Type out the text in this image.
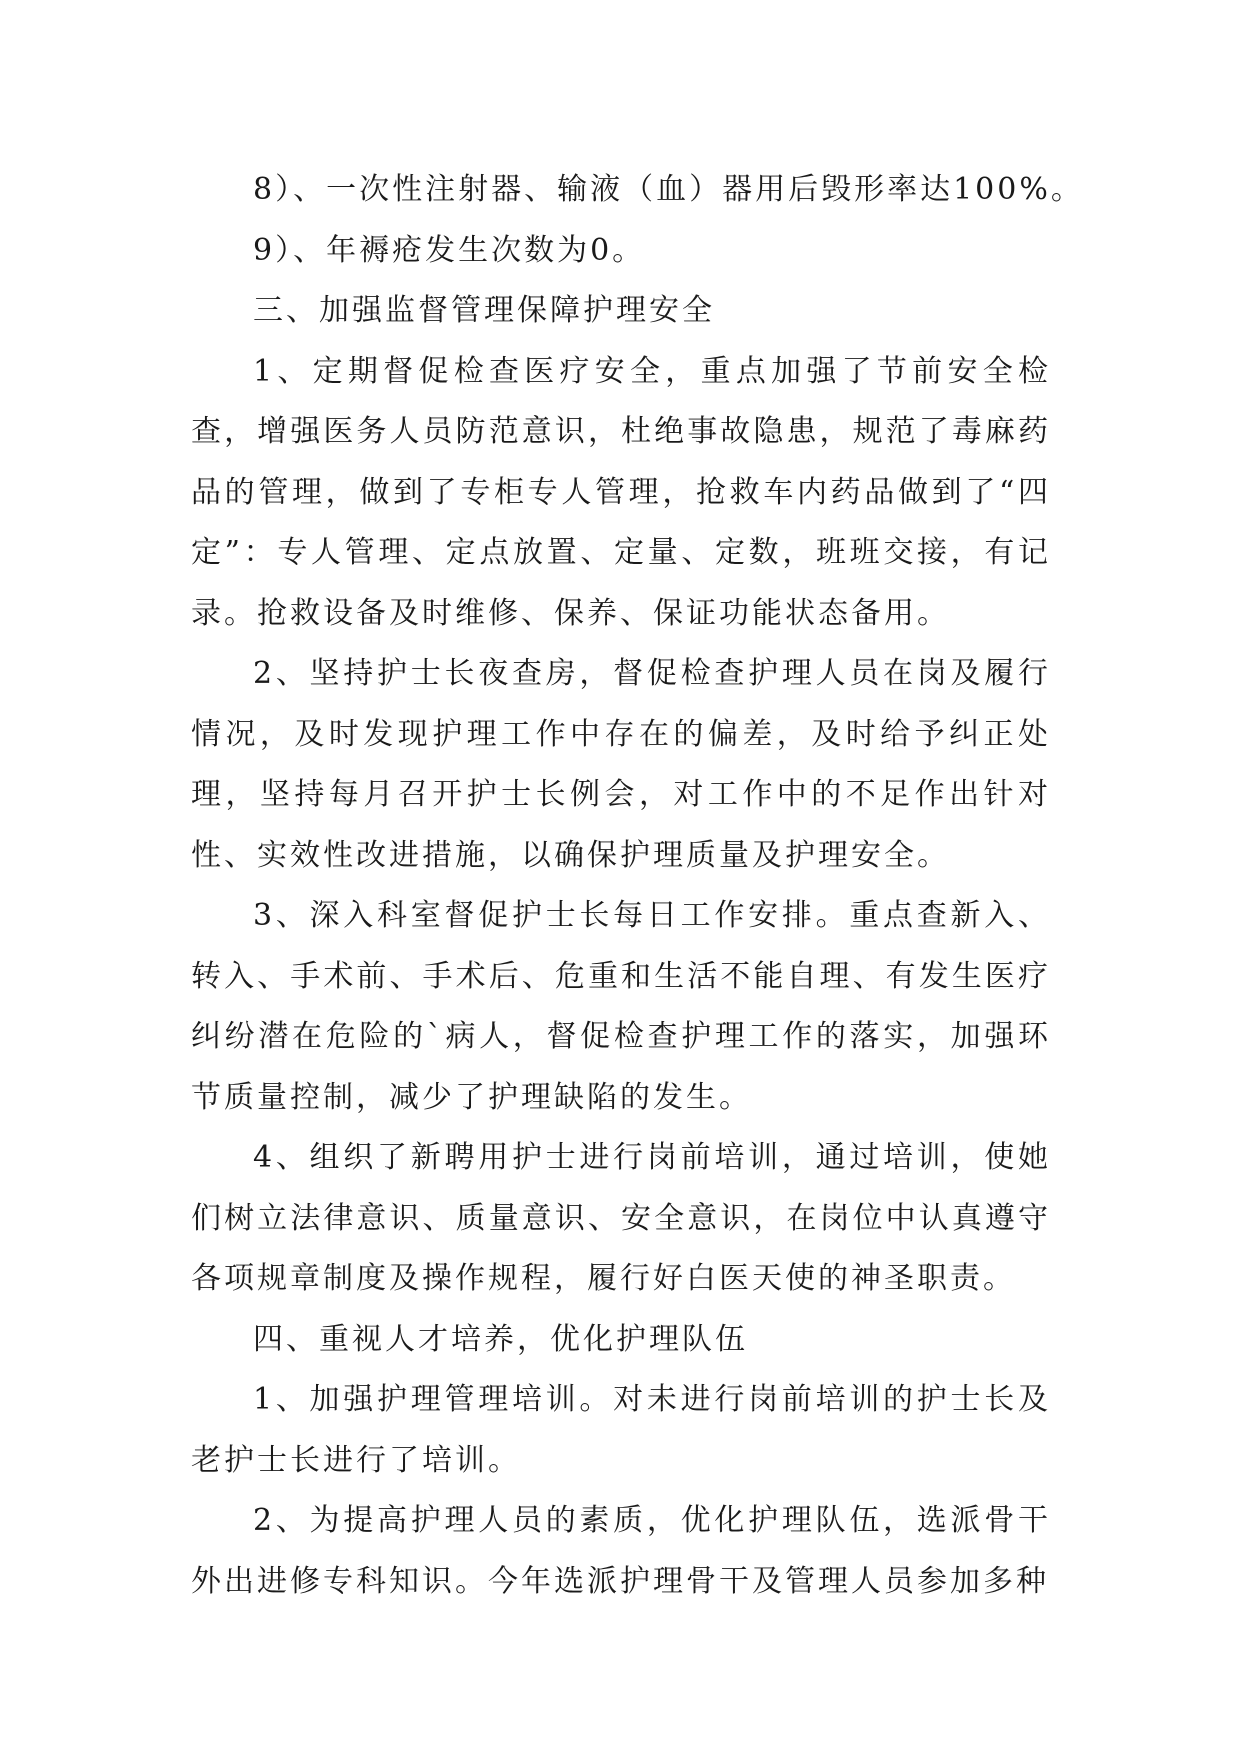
8）、一次性注射器、输液（血）器用后毁形率达100%。

9）、年褥疮发生次数为0。

三、加强监督管理保障护理安全

1、定期督促检查医疗安全，重点加强了节前安全检查，增强医务人员防范意识，杜绝事故隐患，规范了毒麻药品的管理，做到了专柜专人管理，抢救车内药品做到了“四定”：专人管理、定点放置、定量、定数，班班交接，有记录。抢救设备及时维修、保养、保证功能状态备用。

2、坚持护士长夜查房，督促检查护理人员在岗及履行情况，及时发现护理工作中存在的偏差，及时给予纠正处理，坚持每月召开护士长例会，对工作中的不足作出针对性、实效性改进措施，以确保护理质量及护理安全。

3、深入科室督促护士长每日工作安排。重点查新入、转入、手术前、手术后、危重和生活不能自理、有发生医疗纠纷潜在危险的`病人，督促检查护理工作的落实，加强环节质量控制，减少了护理缺陷的发生。

4、组织了新聘用护士进行岗前培训，通过培训，使她们树立法律意识、质量意识、安全意识，在岗位中认真遵守各项规章制度及操作规程，履行好白医天使的神圣职责。

四、重视人才培养，优化护理队伍

1、加强护理管理培训。对未进行岗前培训的护士长及老护士长进行了培训。

2、为提高护理人员的素质，优化护理队伍，选派骨干外出进修专科知识。今年选派护理骨干及管理人员参加多种
